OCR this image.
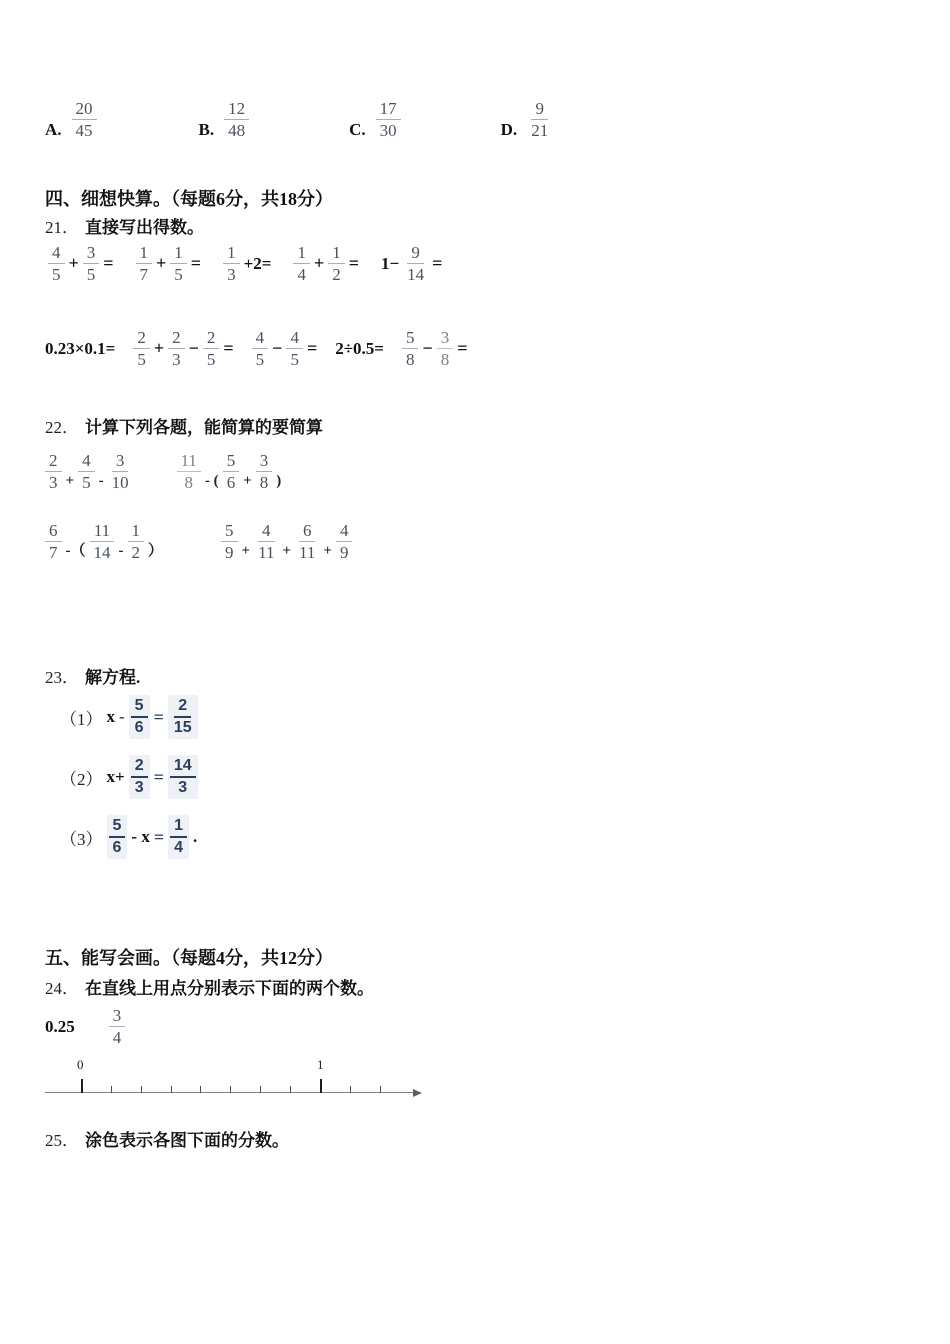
A. $\frac{20}{45}$	B. $\frac{12}{48}$	C. $\frac{17}{30}$	D. $\frac{9}{21}$
四、细想快算。（每题6分，共18分）
21． 直接写出得数。
$\frac{4}{5} + \frac{3}{5} = \frac{1}{7} + \frac{1}{5} = \frac{1}{3} +2= \frac{1}{4} + \frac{1}{2} = 1- \frac{9}{14}$ =
$0.23\times 0.1= \frac{2}{5} + \frac{2}{3} - \frac{2}{5} = \frac{4}{5} - \frac{4}{5} = 2\div 0.5= \frac{5}{8} - \frac{3}{8}$ =
22． 计算下列各题，能简算的要简算
$\frac{2}{3} + \frac{4}{5} - \frac{3}{10}$	$\frac{11}{8}$ - ( $\frac{5}{6} + \frac{3}{8}$ )
$\frac{6}{7}$ -（ $\frac{11}{14} - \frac{1}{2}$ ）	$\frac{5}{9} + \frac{4}{11} + \frac{6}{11} + \frac{4}{9}$
23． 解方程.
（1） $x - \frac{5}{6} = \frac{2}{15}$
（2） $x+ \frac{2}{3} = \frac{14}{3}$
$(3) \frac{5}{6} - x = \frac{1}{4}$ .
五、能写会画。（每题4分，共12分）
24． 在直线上用点分别表示下面的两个数。
$0.25 \frac{3}{4}$
0	1
25． 涂色表示各图下面的分数。
